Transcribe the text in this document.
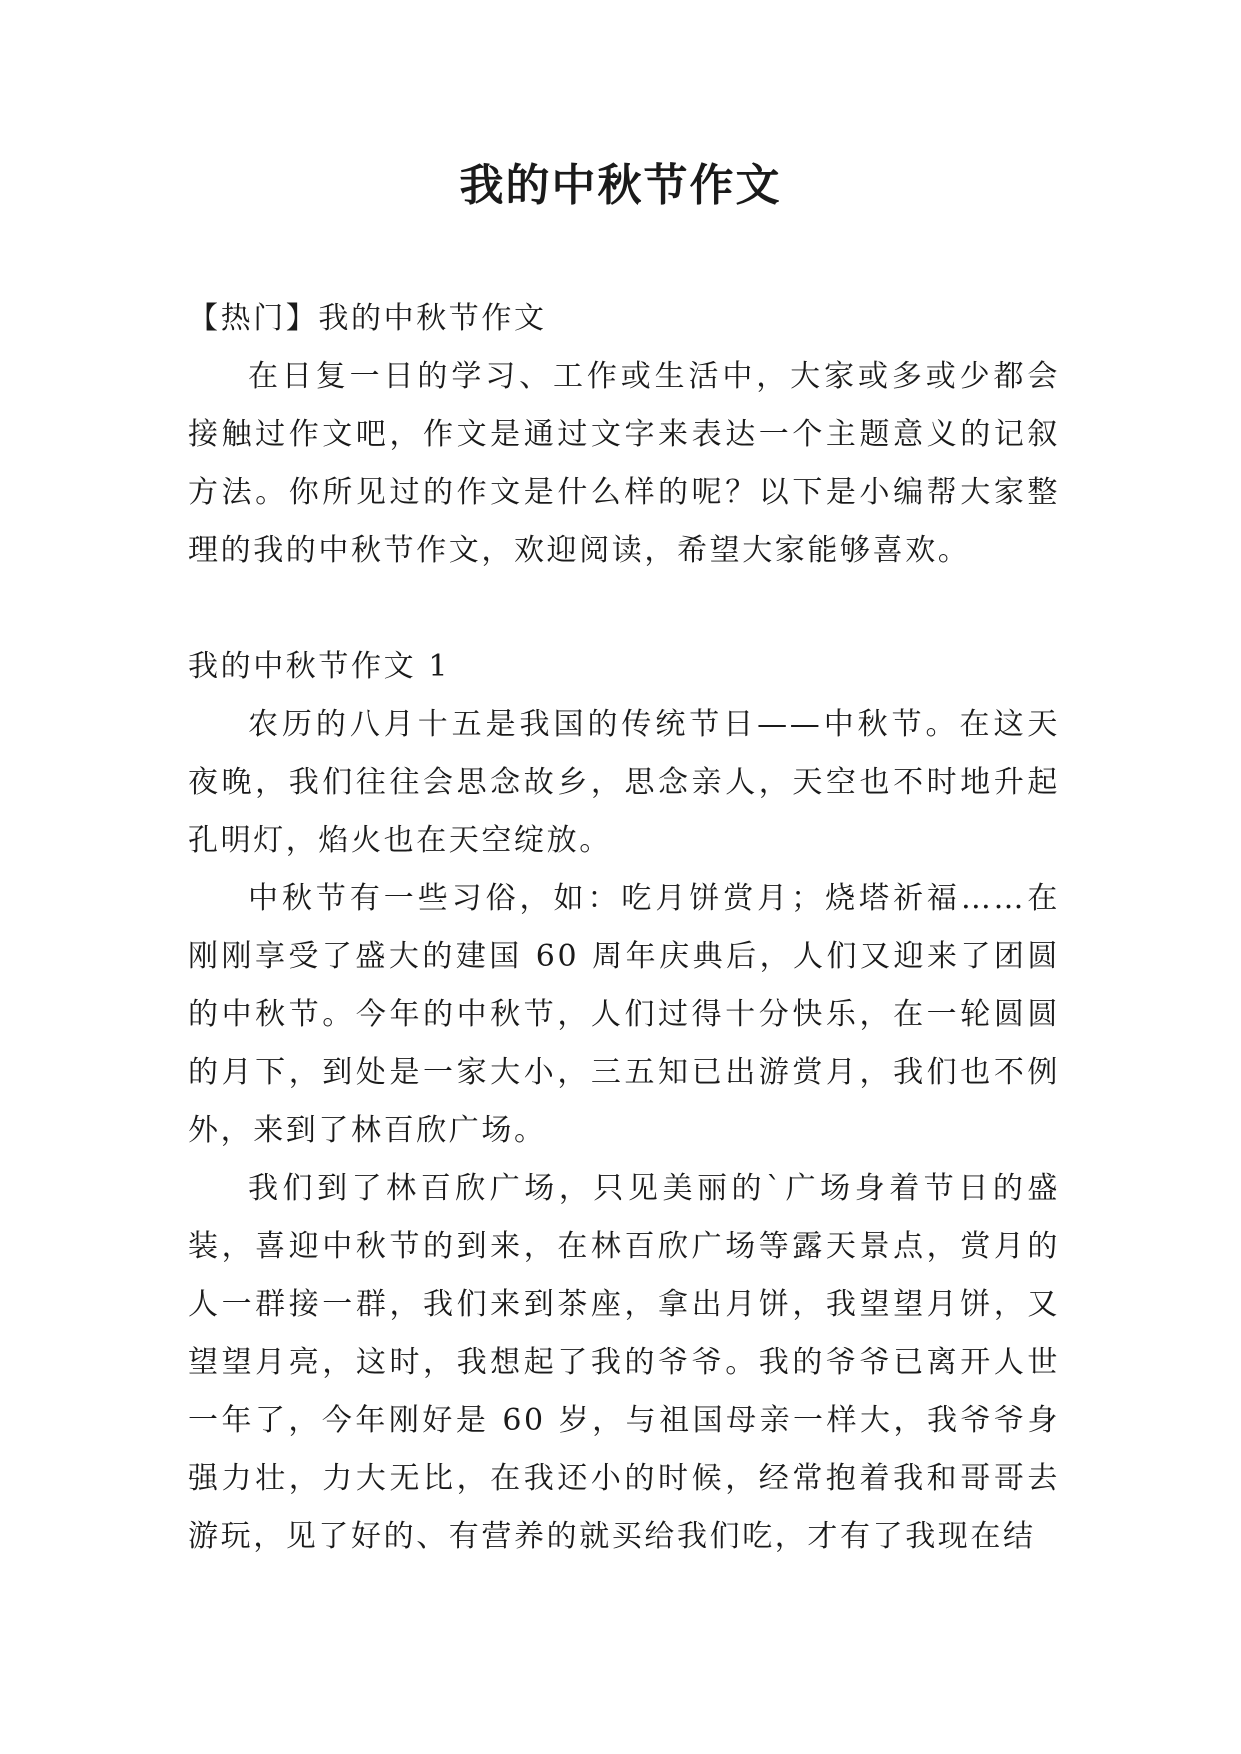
我的中秋节作文

【热门】我的中秋节作文

在日复一日的学习、工作或生活中，大家或多或少都会接触过作文吧，作文是通过文字来表达一个主题意义的记叙方法。你所见过的作文是什么样的呢？以下是小编帮大家整理的我的中秋节作文，欢迎阅读，希望大家能够喜欢。

我的中秋节作文 1

农历的八月十五是我国的传统节日——中秋节。在这天夜晚，我们往往会思念故乡，思念亲人，天空也不时地升起孔明灯，焰火也在天空绽放。

中秋节有一些习俗，如：吃月饼赏月；烧塔祈福……在刚刚享受了盛大的建国 60 周年庆典后，人们又迎来了团圆的中秋节。今年的中秋节，人们过得十分快乐，在一轮圆圆的月下，到处是一家大小，三五知已出游赏月，我们也不例外，来到了林百欣广场。

我们到了林百欣广场，只见美丽的`广场身着节日的盛装，喜迎中秋节的到来，在林百欣广场等露天景点，赏月的人一群接一群，我们来到茶座，拿出月饼，我望望月饼，又望望月亮，这时，我想起了我的爷爷。我的爷爷已离开人世一年了，今年刚好是 60 岁，与祖国母亲一样大，我爷爷身强力壮，力大无比，在我还小的时候，经常抱着我和哥哥去游玩，见了好的、有营养的就买给我们吃，才有了我现在结
